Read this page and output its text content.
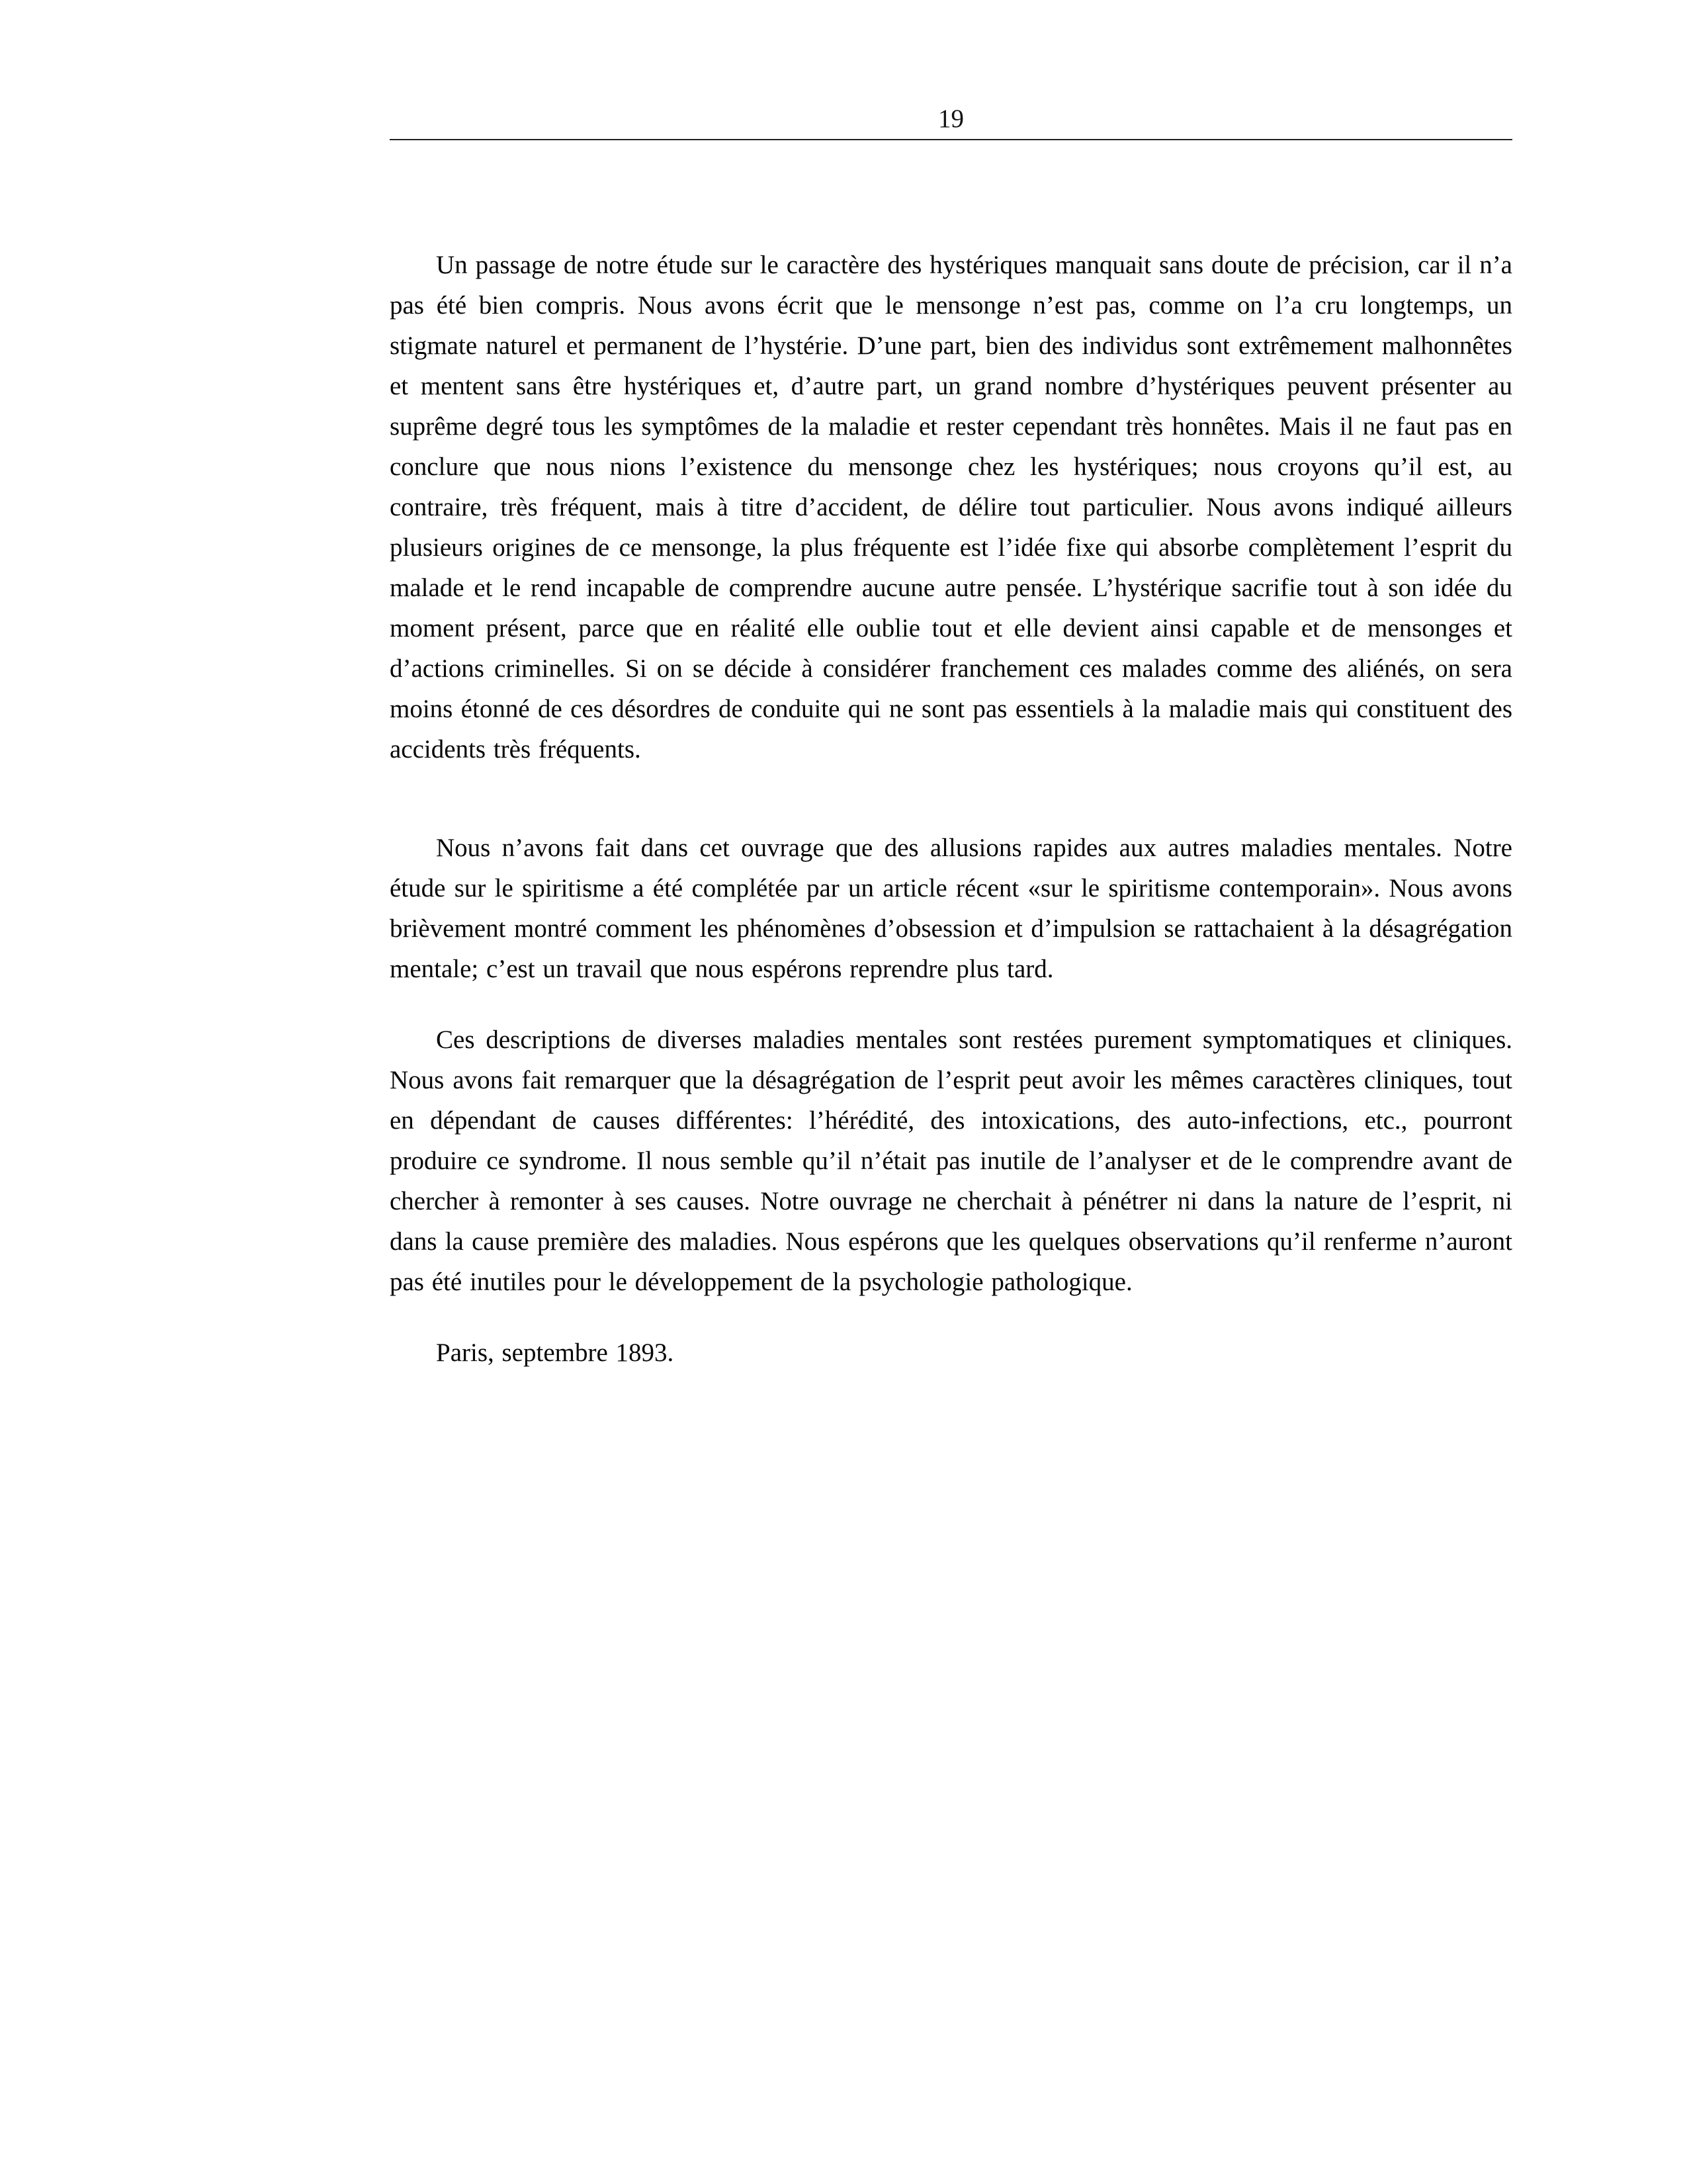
19

Un passage de notre étude sur le caractère des hystériques manquait sans doute de précision, car il n’a pas été bien compris. Nous avons écrit que le mensonge n’est pas, comme on l’a cru longtemps, un stigmate naturel et permanent de l’hystérie. D’une part, bien des individus sont extrêmement malhonnêtes et mentent sans être hystériques et, d’autre part, un grand nombre d’hystériques peuvent présenter au suprême degré tous les symptômes de la maladie et rester cependant très honnêtes. Mais il ne faut pas en conclure que nous nions l’existence du mensonge chez les hystériques; nous croyons qu’il est, au contraire, très fréquent, mais à titre d’accident, de délire tout particulier. Nous avons indiqué ailleurs plusieurs origines de ce mensonge, la plus fréquente est l’idée fixe qui absorbe complètement l’esprit du malade et le rend incapable de comprendre aucune autre pensée. L’hystérique sacrifie tout à son idée du moment présent, parce que en réalité elle oublie tout et elle devient ainsi capable et de mensonges et d’actions criminelles. Si on se décide à considérer franchement ces malades comme des aliénés, on sera moins étonné de ces désordres de conduite qui ne sont pas essentiels à la maladie mais qui constituent des accidents très fréquents.

Nous n’avons fait dans cet ouvrage que des allusions rapides aux autres maladies mentales. Notre étude sur le spiritisme a été complétée par un article récent «sur le spiritisme contemporain». Nous avons brièvement montré comment les phénomènes d’obsession et d’impulsion se rattachaient à la désagrégation mentale; c’est un travail que nous espérons reprendre plus tard.

Ces descriptions de diverses maladies mentales sont restées purement symptomatiques et cliniques. Nous avons fait remarquer que la désagrégation de l’esprit peut avoir les mêmes caractères cliniques, tout en dépendant de causes différentes: l’hérédité, des intoxications, des auto-infections, etc., pourront produire ce syndrome. Il nous semble qu’il n’était pas inutile de l’analyser et de le comprendre avant de chercher à remonter à ses causes. Notre ouvrage ne cherchait à pénétrer ni dans la nature de l’esprit, ni dans la cause première des maladies. Nous espérons que les quelques observations qu’il renferme n’auront pas été inutiles pour le développement de la psychologie pathologique.

Paris, septembre 1893.
